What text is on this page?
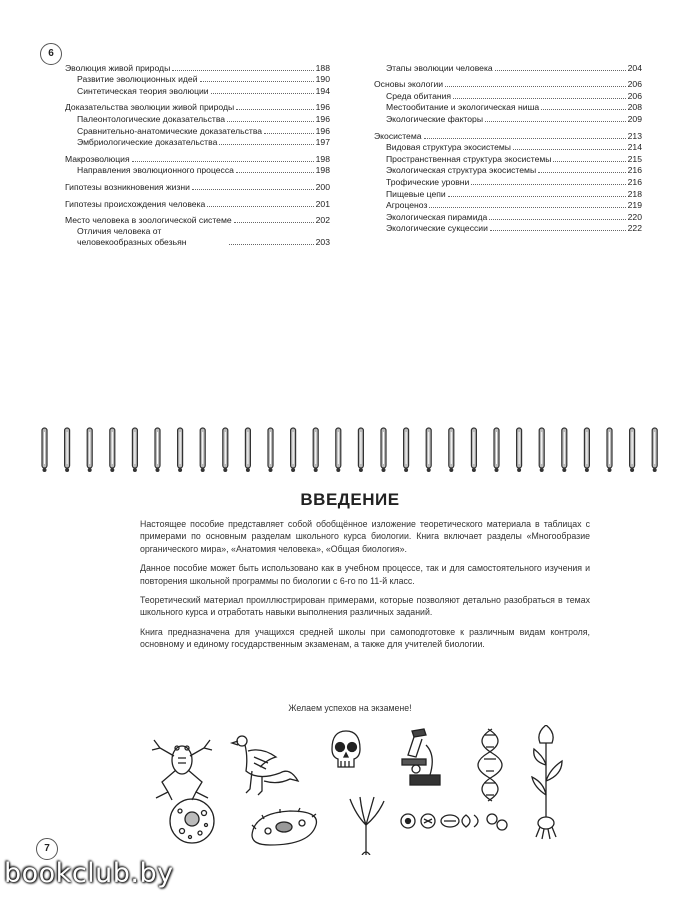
6
Эволюция живой природы	188
Развитие эволюционных идей	190
Синтетическая теория эволюции	194
Доказательства эволюции живой природы	196
Палеонтологические доказательства	196
Сравнительно-анатомические доказательства	196
Эмбриологические доказательства	197
Макроэволюция	198
Направления эволюционного процесса	198
Гипотезы возникновения жизни	200
Гипотезы происхождения человека	201
Место человека в зоологической системе	202
Отличия человека от человекообразных обезьян	203
Этапы эволюции человека	204
Основы экологии	206
Среда обитания	206
Местообитание и экологическая ниша	208
Экологические факторы	209
Экосистема	213
Видовая структура экосистемы	214
Пространственная структура экосистемы	215
Экологическая структура экосистемы	216
Трофические уровни	216
Пищевые цепи	218
Агроценоз	219
Экологическая пирамида	220
Экологические сукцессии	222
ВВЕДЕНИЕ

Настоящее пособие представляет собой обобщённое изложение теоретического материала в таблицах с примерами по основным разделам школьного курса биологии. Книга включает разделы «Многообразие органического мира», «Анатомия человека», «Общая биология».

Данное пособие может быть использовано как в учебном процессе, так и для самостоятельного изучения и повторения школьной программы по биологии с 6-го по 11-й класс.

Теоретический материал проиллюстрирован примерами, которые позволяют детально разобраться в темах школьного курса и отработать навыки выполнения различных заданий.

Книга предназначена для учащихся средней школы при самоподготовке к различным видам контроля, основному и единому государственным экзаменам, а также для учителей биологии.

Желаем успехов на экзамене!
7
bookclub.by
